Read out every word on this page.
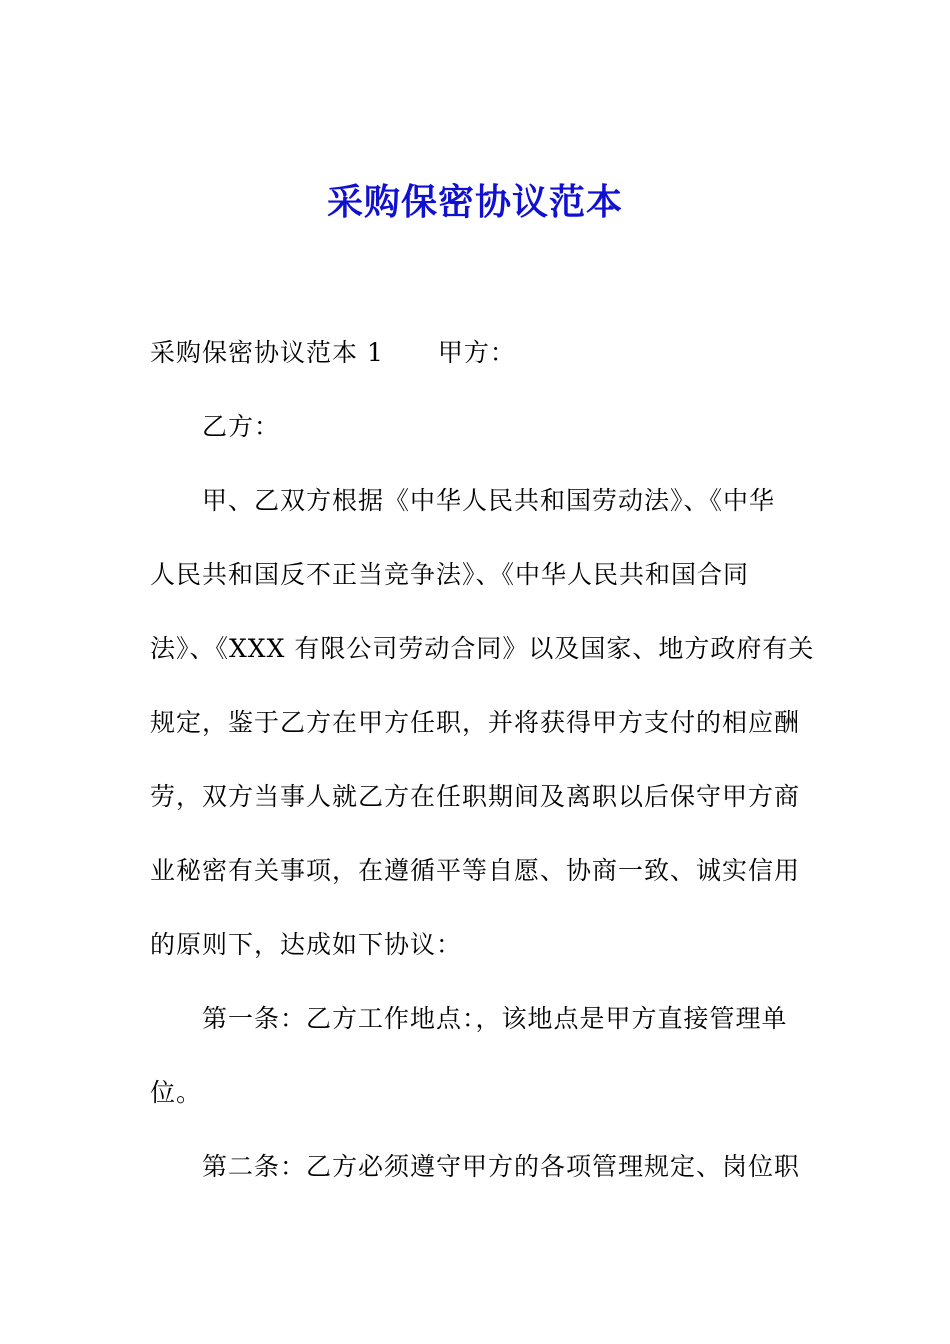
采购保密协议范本
采购保密协议范本 1 甲方：
乙方：
甲、乙双方根据《中华人民共和国劳动法》、《中华
人民共和国反不正当竞争法》、《中华人民共和国合同
法》、《XXX 有限公司劳动合同》以及国家、地方政府有关
规定，鉴于乙方在甲方任职，并将获得甲方支付的相应酬
劳，双方当事人就乙方在任职期间及离职以后保守甲方商
业秘密有关事项，在遵循平等自愿、协商一致、诚实信用
的原则下，达成如下协议：
第一条：乙方工作地点：，该地点是甲方直接管理单
位。
第二条：乙方必须遵守甲方的各项管理规定、岗位职
